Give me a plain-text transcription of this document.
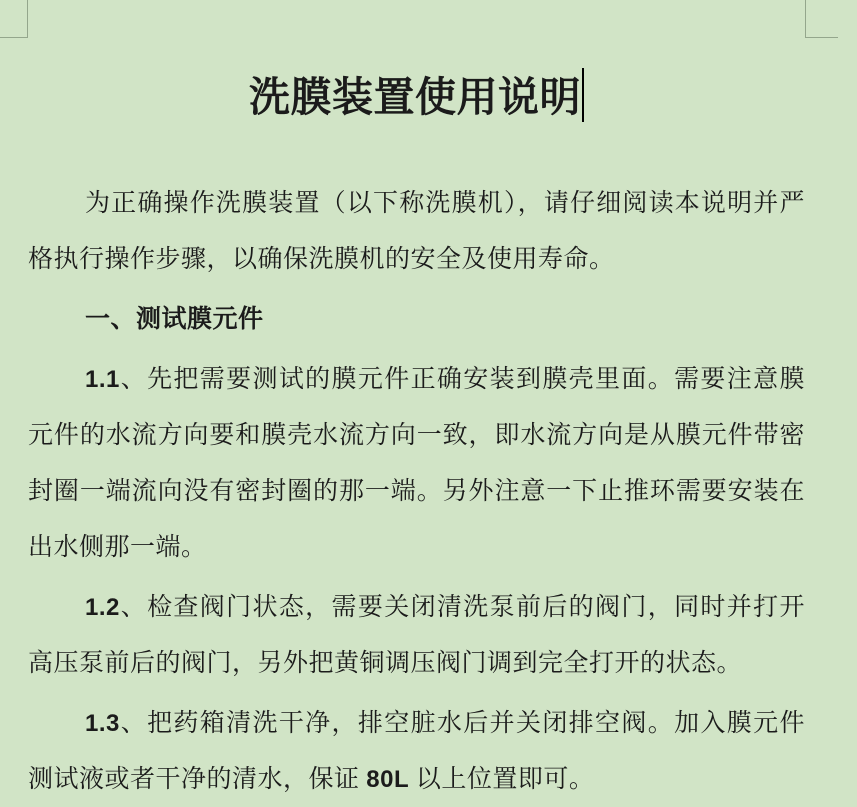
洗膜装置使用说明

为正确操作洗膜装置（以下称洗膜机），请仔细阅读本说明并严格执行操作步骤，以确保洗膜机的安全及使用寿命。

一、测试膜元件

1.1、先把需要测试的膜元件正确安装到膜壳里面。需要注意膜元件的水流方向要和膜壳水流方向一致，即水流方向是从膜元件带密封圈一端流向没有密封圈的那一端。另外注意一下止推环需要安装在出水侧那一端。

1.2、检查阀门状态，需要关闭清洗泵前后的阀门，同时并打开高压泵前后的阀门，另外把黄铜调压阀门调到完全打开的状态。

1.3、把药箱清洗干净，排空脏水后并关闭排空阀。加入膜元件测试液或者干净的清水，保证 80L 以上位置即可。
